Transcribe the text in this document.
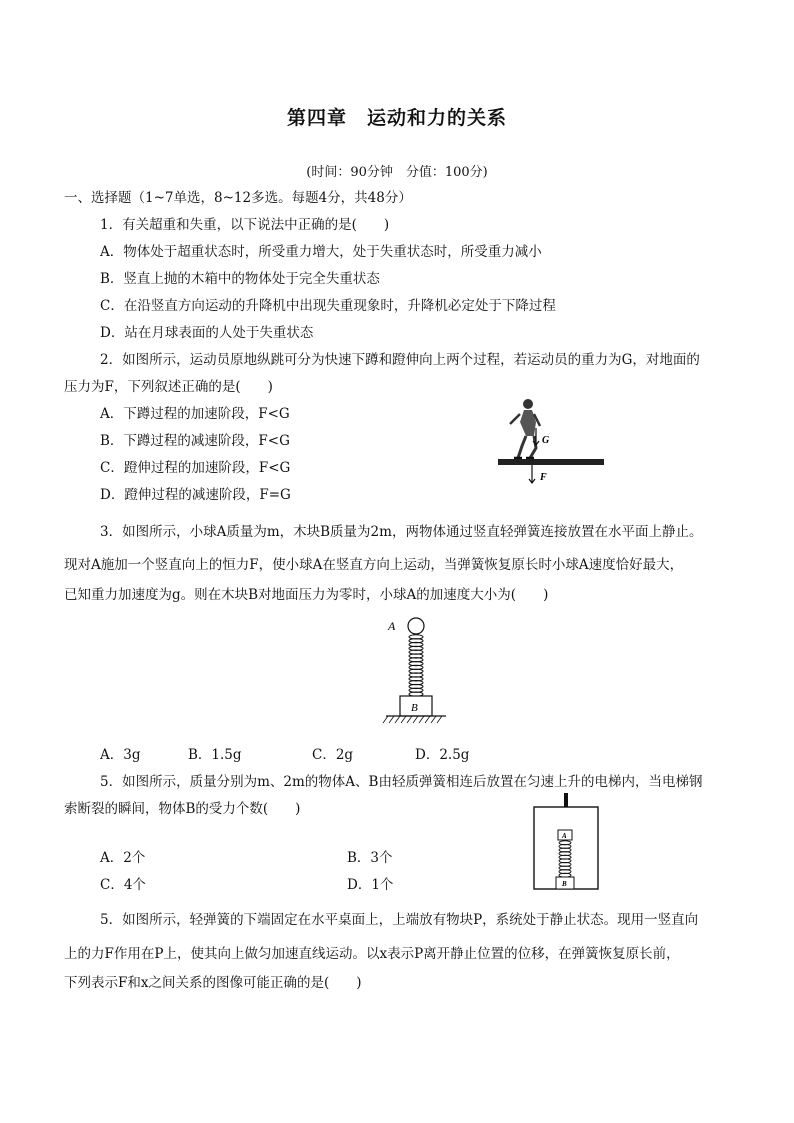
第四章　运动和力的关系
(时间：90分钟　分值：100分)
一、选择题（1~7单选，8~12多选。每题4分，共48分）
1．有关超重和失重，以下说法中正确的是(　　)
A．物体处于超重状态时，所受重力增大，处于失重状态时，所受重力减小
B．竖直上抛的木箱中的物体处于完全失重状态
C．在沿竖直方向运动的升降机中出现失重现象时，升降机必定处于下降过程
D．站在月球表面的人处于失重状态
2．如图所示，运动员原地纵跳可分为快速下蹲和蹬伸向上两个过程，若运动员的重力为G，对地面的
压力为F，下列叙述正确的是(　　)
A．下蹲过程的加速阶段，F<G
B．下蹲过程的减速阶段，F<G
C．蹬伸过程的加速阶段，F<G
D．蹬伸过程的减速阶段，F=G
G
F
3．如图所示，小球A质量为m，木块B质量为2m，两物体通过竖直轻弹簧连接放置在水平面上静止。
现对A施加一个竖直向上的恒力F，使小球A在竖直方向上运动，当弹簧恢复原长时小球A速度恰好最大，
已知重力加速度为g。则在木块B对地面压力为零时，小球A的加速度大小为(　　)
A
B
A．3g	B．1.5g	C．2g	D．2.5g
5．如图所示，质量分别为m、2m的物体A、B由轻质弹簧相连后放置在匀速上升的电梯内，当电梯钢
索断裂的瞬间，物体B的受力个数(　　)
A．2个	B．3个
C．4个	D．1个
A
B
5．如图所示，轻弹簧的下端固定在水平桌面上，上端放有物块P，系统处于静止状态。现用一竖直向
上的力F作用在P上，使其向上做匀加速直线运动。以x表示P离开静止位置的位移，在弹簧恢复原长前，
下列表示F和x之间关系的图像可能正确的是(　　)
